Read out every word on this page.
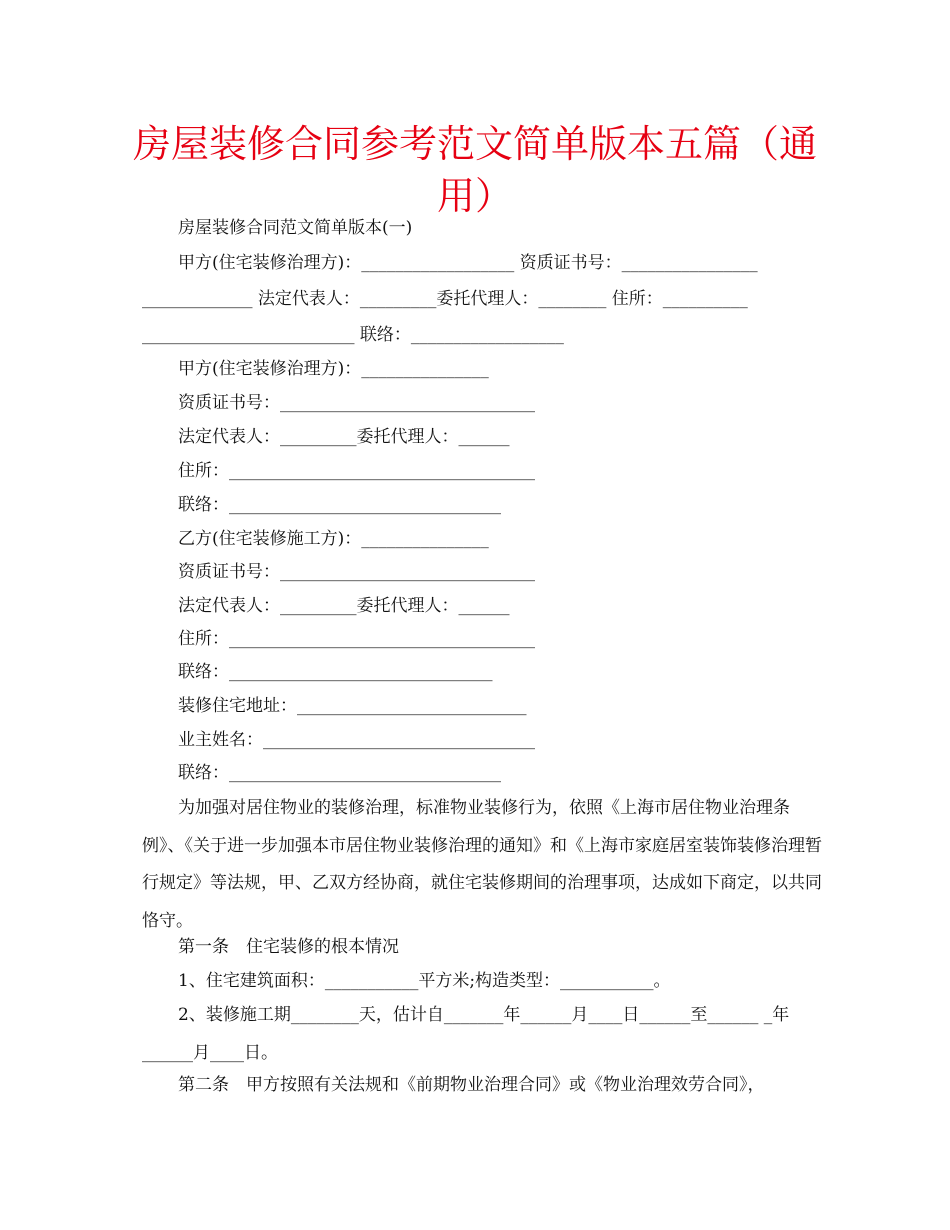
房屋装修合同参考范文简单版本五篇（通用）
房屋装修合同范文简单版本(一)

甲方(住宅装修治理方)：__________________ 资质证书号：________________ _____________ 法定代表人：_________委托代理人：________ 住所：__________ _________________________ 联络：__________________

甲方(住宅装修治理方)：_______________
资质证书号：______________________________
法定代表人：_________委托代理人：______
住所：____________________________________
联络：________________________________
乙方(住宅装修施工方)：_______________
资质证书号：______________________________
法定代表人：_________委托代理人：______
住所：____________________________________
联络：_______________________________
装修住宅地址：___________________________
业主姓名：________________________________
联络：________________________________

为加强对居住物业的装修治理，标准物业装修行为，依照《上海市居住物业治理条例》、《关于进一步加强本市居住物业装修治理的通知》和《上海市家庭居室装饰装修治理暂行规定》等法规，甲、乙双方经协商，就住宅装修期间的治理事项，达成如下商定，以共同恪守。

第一条　住宅装修的根本情况
1、住宅建筑面积：___________平方米;构造类型：___________。

2、装修施工期________天，估计自_______年______月____日______至______ _年______月____日。

第二条　甲方按照有关法规和《前期物业治理合同》或《物业治理效劳合同》，
